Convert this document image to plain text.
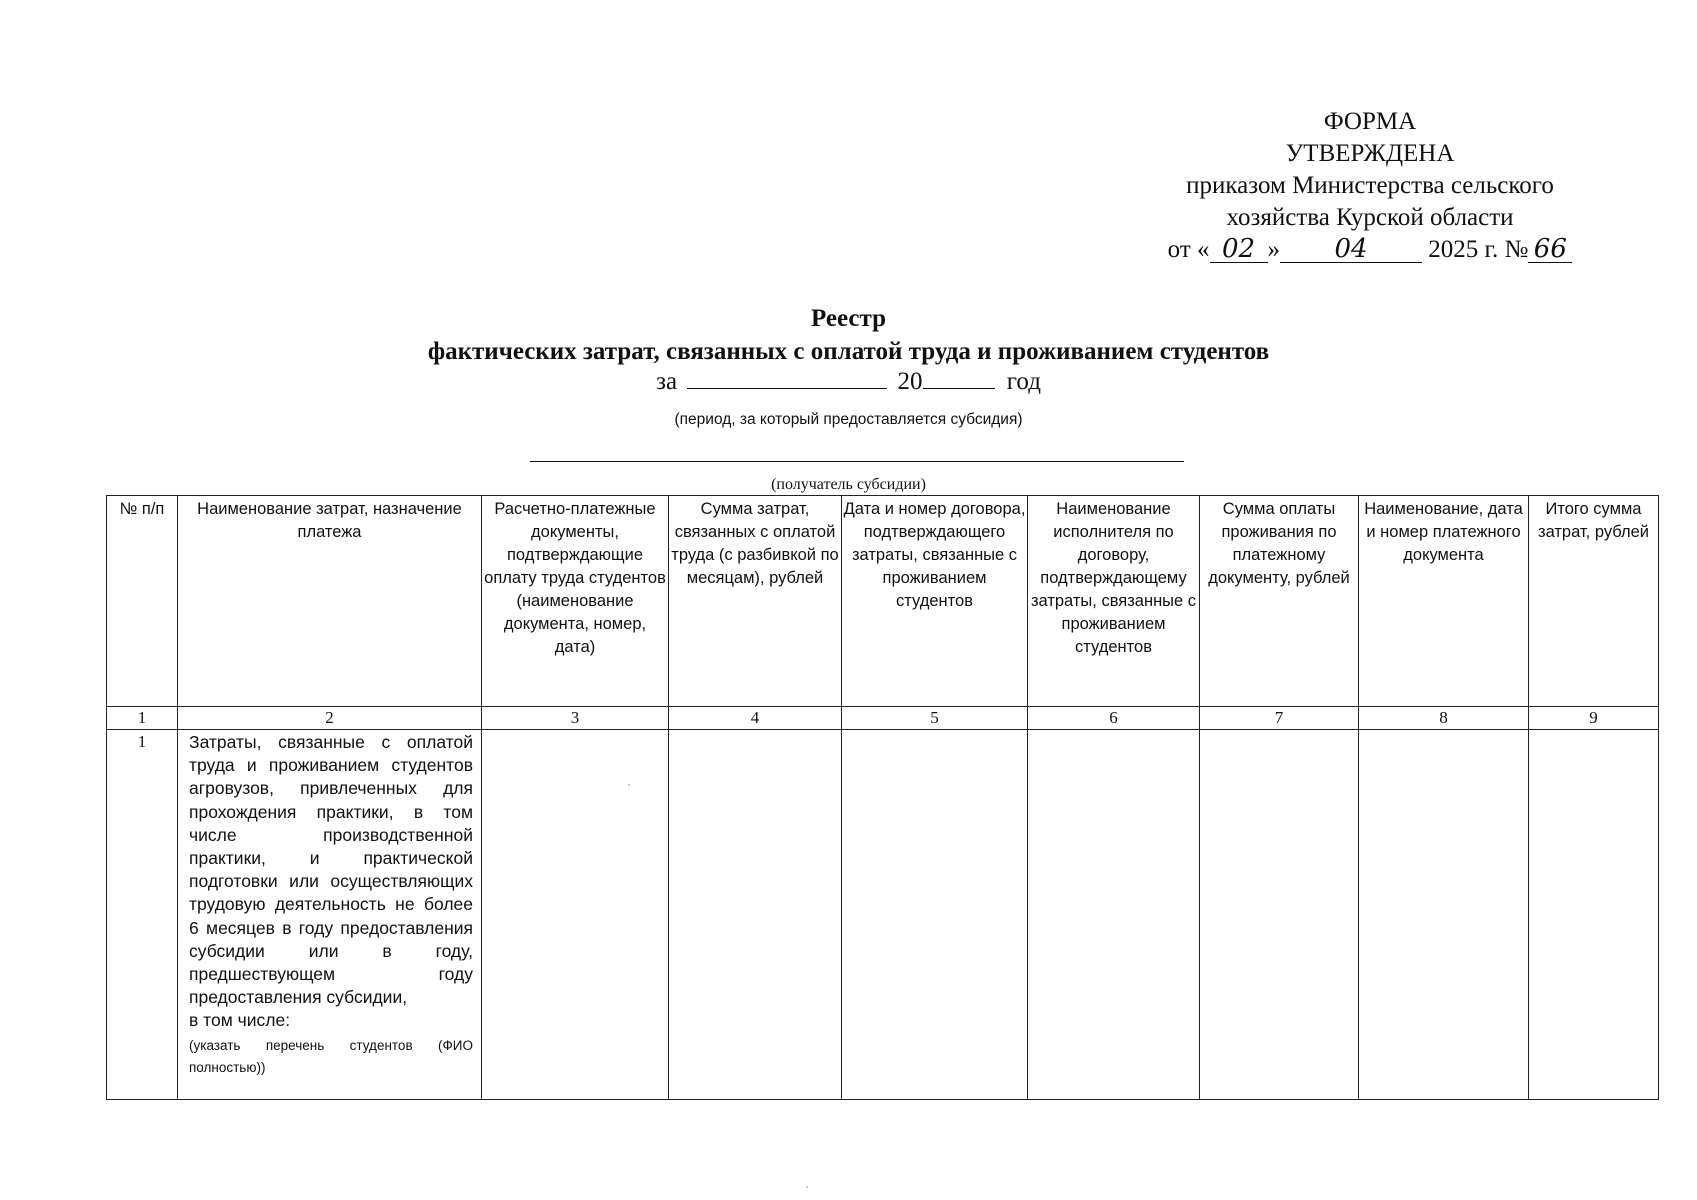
ФОРМА
УТВЕРЖДЕНА
приказом Министерства сельского
хозяйства Курской области
от « 02 » 04 2025 г. № 66
Реестр
фактических затрат, связанных с оплатой труда и проживанием студентов
за	20	год
(период, за который предоставляется субсидия)
(получатель субсидии)
№ п/п	Наименование затрат, назначение платежа	Расчетно-платежные документы, подтверждающие оплату труда студентов (наименование документа, номер, дата)	Сумма затрат, связанных с оплатой труда (с разбивкой по месяцам), рублей	Дата и номер договора, подтверждающего затраты, связанные с проживанием студентов	Наименование исполнителя по договору, подтверждающему затраты, связанные с проживанием студентов	Сумма оплаты проживания по платежному документу, рублей	Наименование, дата и номер платежного документа	Итого сумма затрат, рублей
1	2	3	4	5	6	7	8	9
1	Затраты, связанные с оплатой труда и проживанием студентов агровузов, привлеченных для прохождения практики, в том числе производственной практики, и практической подготовки или осуществляющих трудовую деятельность не более 6 месяцев в году предоставления субсидии или в году, предшествующем году предоставления субсидии,
в том числе:
(указать перечень студентов (ФИО полностью))							
